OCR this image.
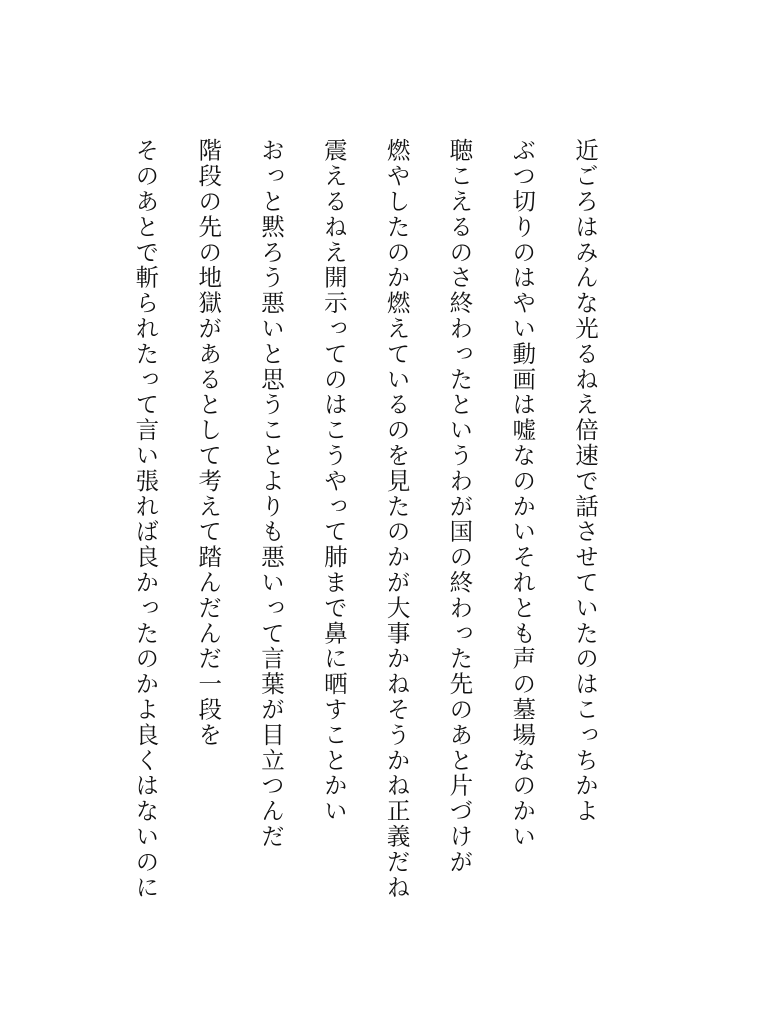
近ごろはみんな光るねえ倍速で話させていたのはこっちかよ
ぶつ切りのはやい動画は嘘なのかいそれとも声の墓場なのかい
聴こえるのさ終わったというわが国の終わった先のあと片づけが
燃やしたのか燃えているのを見たのかが大事かねそうかね正義だね
震えるねえ開示ってのはこうやって肺まで鼻に晒すことかい
おっと黙ろう悪いと思うことよりも悪いって言葉が目立つんだ
階段の先の地獄があるとして考えて踏んだんだ一段を
そのあとで斬られたって言い張れば良かったのかよ良くはないのに
